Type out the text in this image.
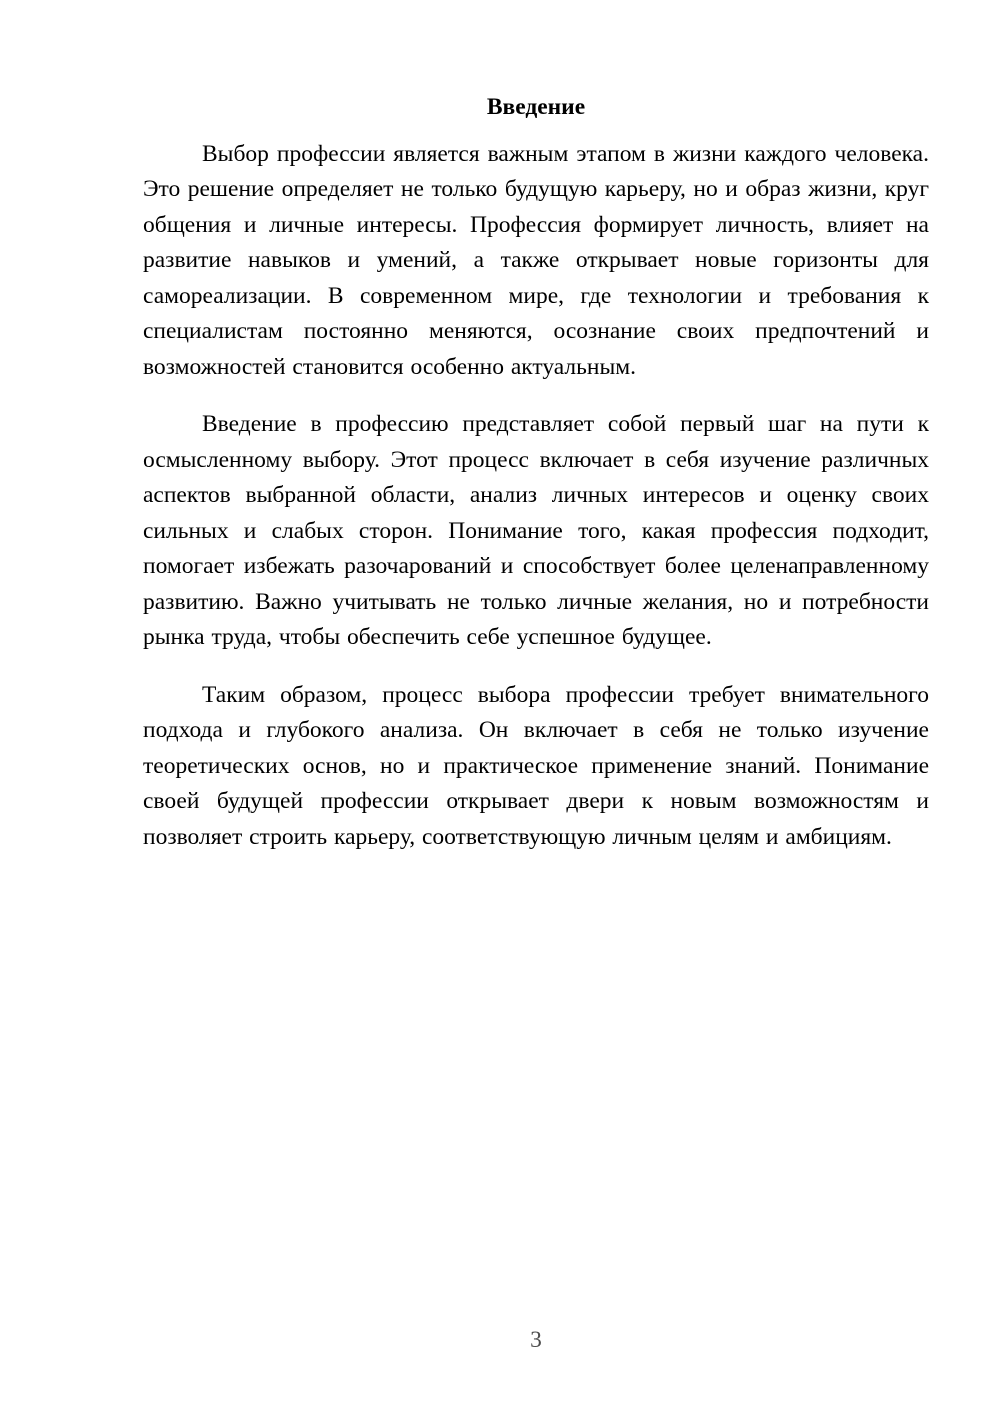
Введение

Выбор профессии является важным этапом в жизни каждого человека. Это решение определяет не только будущую карьеру, но и образ жизни, круг общения и личные интересы. Профессия формирует личность, влияет на развитие навыков и умений, а также открывает новые горизонты для самореализации. В современном мире, где технологии и требования к специалистам постоянно меняются, осознание своих предпочтений и возможностей становится особенно актуальным.

Введение в профессию представляет собой первый шаг на пути к осмысленному выбору. Этот процесс включает в себя изучение различных аспектов выбранной области, анализ личных интересов и оценку своих сильных и слабых сторон. Понимание того, какая профессия подходит, помогает избежать разочарований и способствует более целенаправленному развитию. Важно учитывать не только личные желания, но и потребности рынка труда, чтобы обеспечить себе успешное будущее.

Таким образом, процесс выбора профессии требует внимательного подхода и глубокого анализа. Он включает в себя не только изучение теоретических основ, но и практическое применение знаний. Понимание своей будущей профессии открывает двери к новым возможностям и позволяет строить карьеру, соответствующую личным целям и амбициям.

3
